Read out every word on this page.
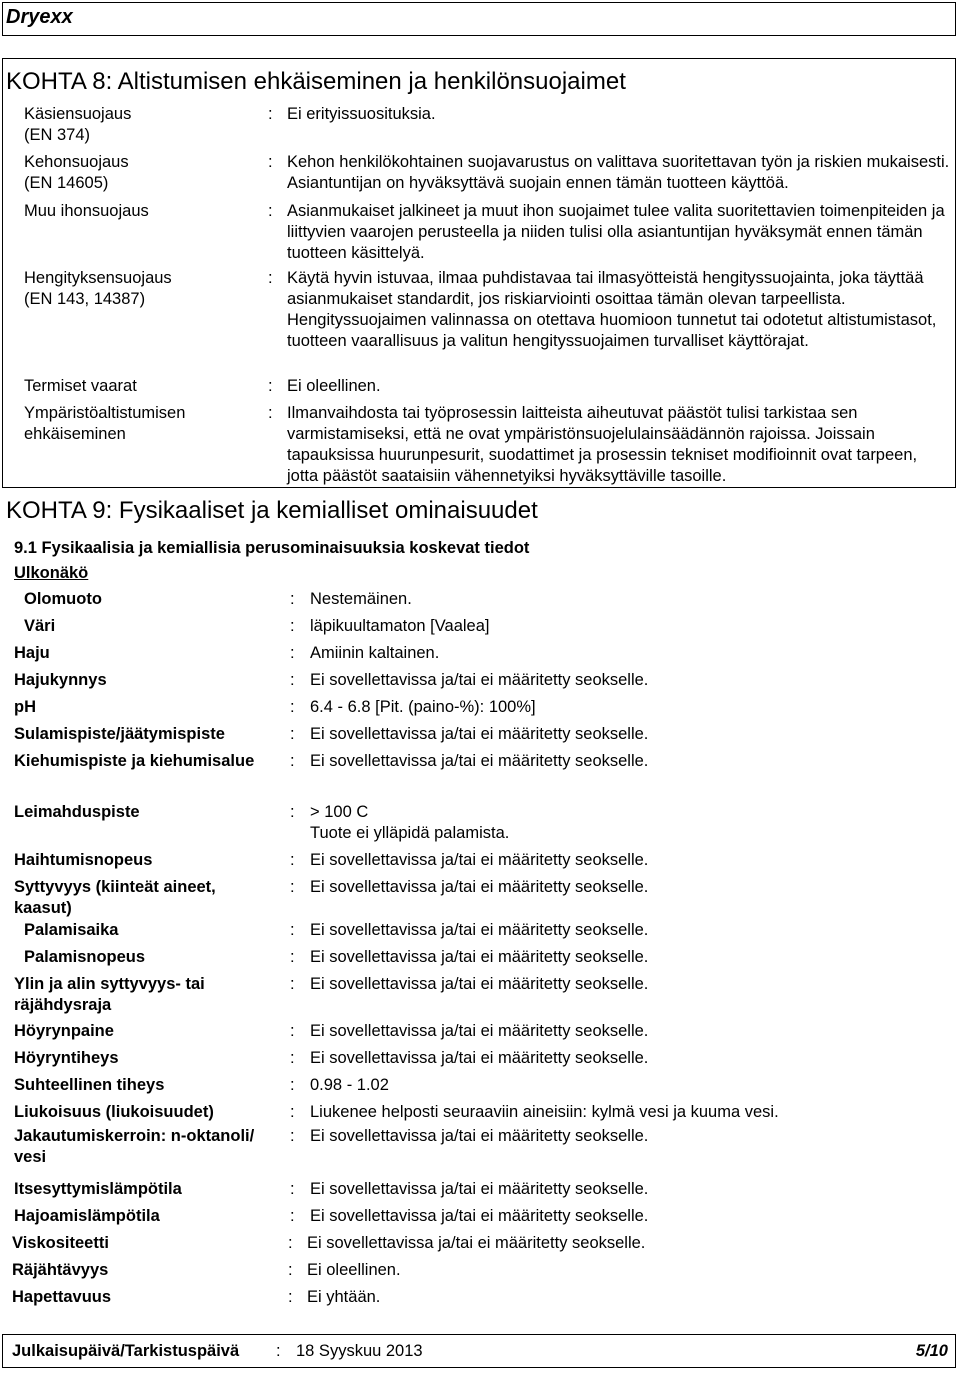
Dryexx
KOHTA 8: Altistumisen ehkäiseminen ja henkilönsuojaimet
Käsiensuojaus
(EN 374)
: Ei erityissuosituksia.
Kehonsuojaus
(EN 14605)
: Kehon henkilökohtainen suojavarustus on valittava suoritettavan työn ja riskien mukaisesti. Asiantuntijan on hyväksyttävä suojain ennen tämän tuotteen käyttöä.
Muu ihonsuojaus	: Asianmukaiset jalkineet ja muut ihon suojaimet tulee valita suoritettavien toimenpiteiden ja liittyvien vaarojen perusteella ja niiden tulisi olla asiantuntijan hyväksymät ennen tämän tuotteen käsittelyä.
Hengityksensuojaus
(EN 143, 14387)
: Käytä hyvin istuvaa, ilmaa puhdistavaa tai ilmasyötteistä hengityssuojainta, joka täyttää asianmukaiset standardit, jos riskiarviointi osoittaa tämän olevan tarpeellista. Hengityssuojaimen valinnassa on otettava huomioon tunnetut tai odotetut altistumistasot, tuotteen vaarallisuus ja valitun hengityssuojaimen turvalliset käyttörajat.
Termiset vaarat	: Ei oleellinen.
Ympäristöaltistumisen
ehkäiseminen
: Ilmanvaihdosta tai työprosessin laitteista aiheutuvat päästöt tulisi tarkistaa sen varmistamiseksi, että ne ovat ympäristönsuojelulainsäädännön rajoissa. Joissain tapauksissa huurunpesurit, suodattimet ja prosessin tekniset modifioinnit ovat tarpeen, jotta päästöt saataisiin vähennetyiksi hyväksyttäville tasoille.
KOHTA 9: Fysikaaliset ja kemialliset ominaisuudet
9.1 Fysikaalisia ja kemiallisia perusominaisuuksia koskevat tiedot
Ulkonäkö
Olomuoto	: Nestemäinen.
Väri	: läpikuultamaton [Vaalea]
Haju	: Amiinin kaltainen.
Hajukynnys	: Ei sovellettavissa ja/tai ei määritetty seokselle.
pH	: 6.4 - 6.8 [Pit. (paino-%): 100%]
Sulamispiste/jäätymispiste	: Ei sovellettavissa ja/tai ei määritetty seokselle.
Kiehumispiste ja kiehumisalue : Ei sovellettavissa ja/tai ei määritetty seokselle.
Leimahduspiste	: > 100 C
Tuote ei ylläpidä palamista.
Haihtumisnopeus	: Ei sovellettavissa ja/tai ei määritetty seokselle.
Syttyvyys (kiinteät aineet,
kaasut)
: Ei sovellettavissa ja/tai ei määritetty seokselle.
Palamisaika	: Ei sovellettavissa ja/tai ei määritetty seokselle.
Palamisnopeus	: Ei sovellettavissa ja/tai ei määritetty seokselle.
Ylin ja alin syttyvyys- tai
räjähdysraja
: Ei sovellettavissa ja/tai ei määritetty seokselle.
Höyrynpaine	: Ei sovellettavissa ja/tai ei määritetty seokselle.
Höyryntiheys	: Ei sovellettavissa ja/tai ei määritetty seokselle.
Suhteellinen tiheys	: 0.98 - 1.02
Liukoisuus (liukoisuudet)	: Liukenee helposti seuraaviin aineisiin: kylmä vesi ja kuuma vesi.
Jakautumiskerroin: n-oktanoli/
vesi
: Ei sovellettavissa ja/tai ei määritetty seokselle.
Itsesyttymislämpötila	: Ei sovellettavissa ja/tai ei määritetty seokselle.
Hajoamislämpötila	: Ei sovellettavissa ja/tai ei määritetty seokselle.
Viskositeetti	: Ei sovellettavissa ja/tai ei määritetty seokselle.
Räjähtävyys	: Ei oleellinen.
Hapettavuus	: Ei yhtään.
Julkaisupäivä/Tarkistuspäivä : 18 Syyskuu 2013	5/10
